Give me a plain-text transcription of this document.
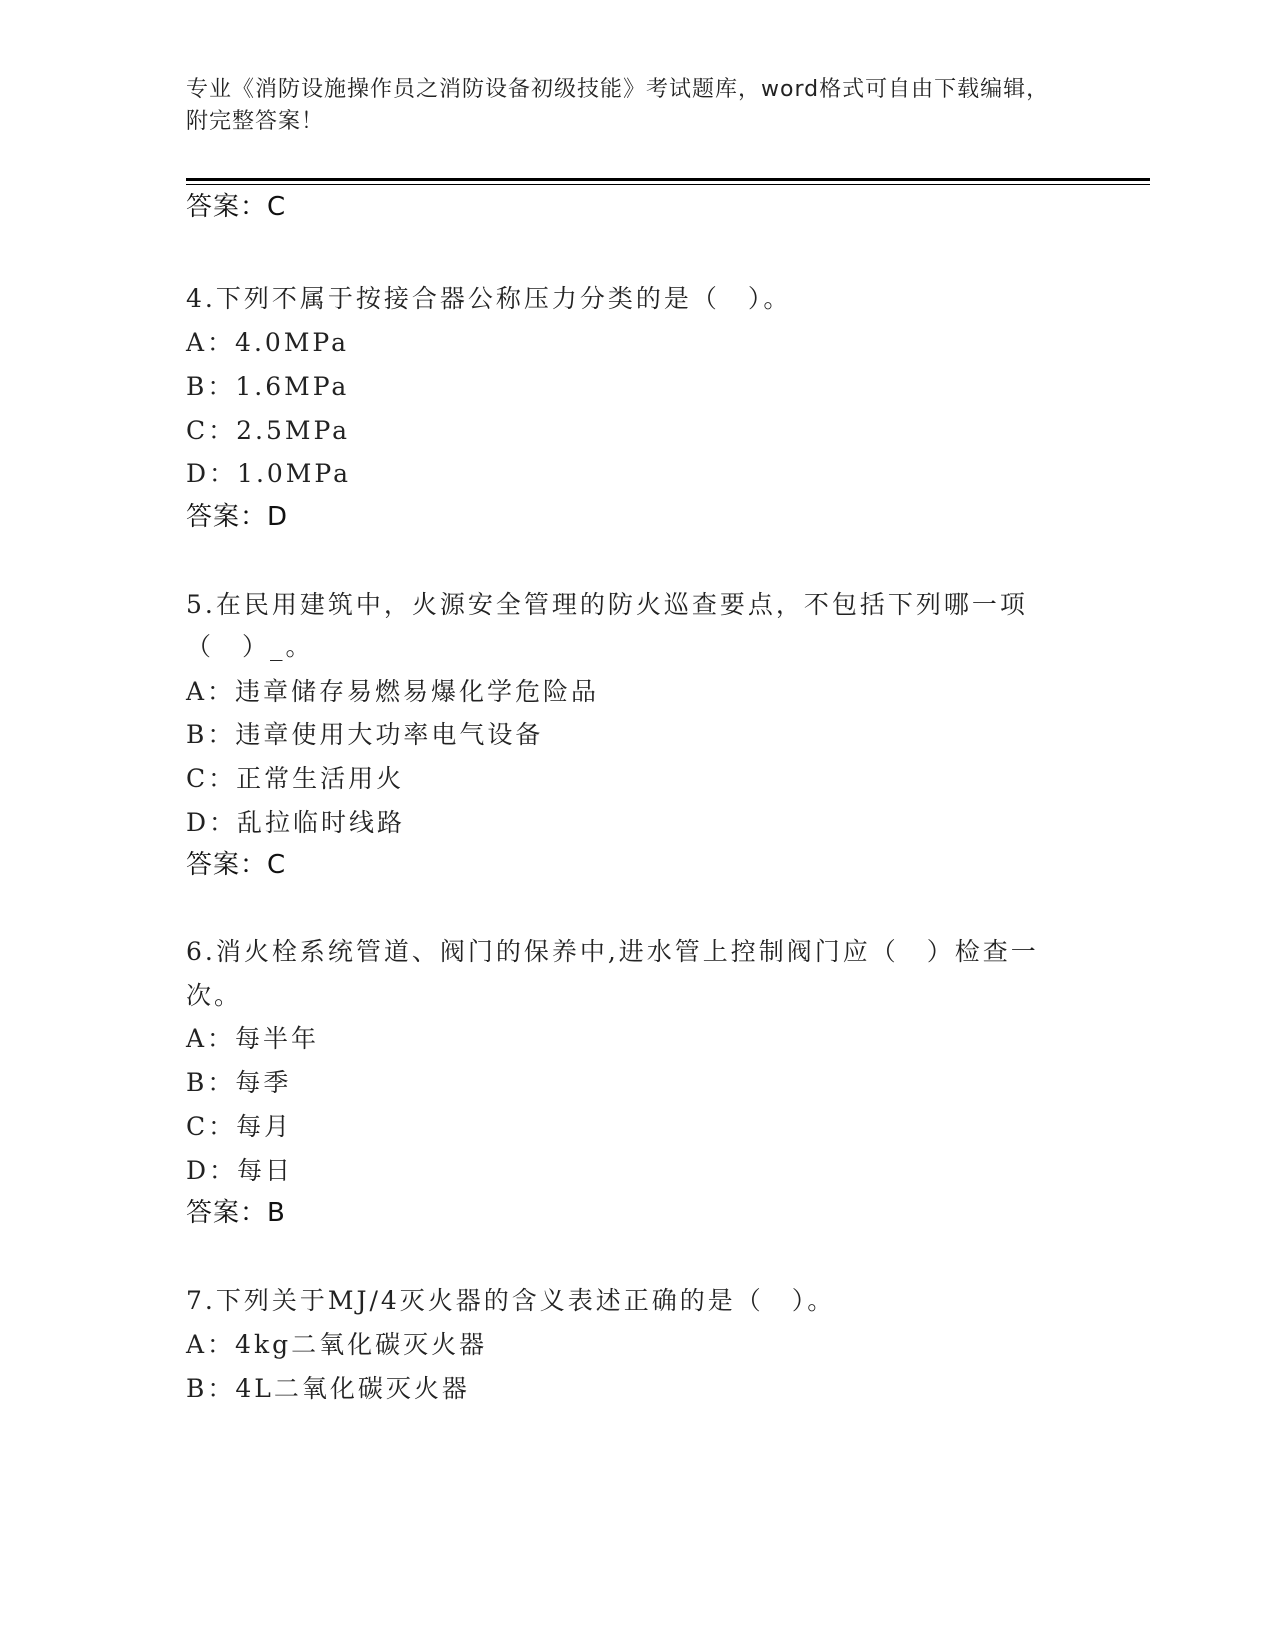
专业《消防设施操作员之消防设备初级技能》考试题库，word格式可自由下载编辑，附完整答案！
答案：C
4.下列不属于按接合器公称压力分类的是（　）。
A：4.0MPa
B：1.6MPa
C：2.5MPa
D：1.0MPa
答案：D
5.在民用建筑中，火源安全管理的防火巡查要点，不包括下列哪一项
（　）_。
A：违章储存易燃易爆化学危险品
B：违章使用大功率电气设备
C：正常生活用火
D：乱拉临时线路
答案：C
6.消火栓系统管道、阀门的保养中,进水管上控制阀门应（　）检查一
次。
A：每半年
B：每季
C：每月
D：每日
答案：B
7.下列关于MJ/4灭火器的含义表述正确的是（　）。
A：4kg二氧化碳灭火器
B：4L二氧化碳灭火器
